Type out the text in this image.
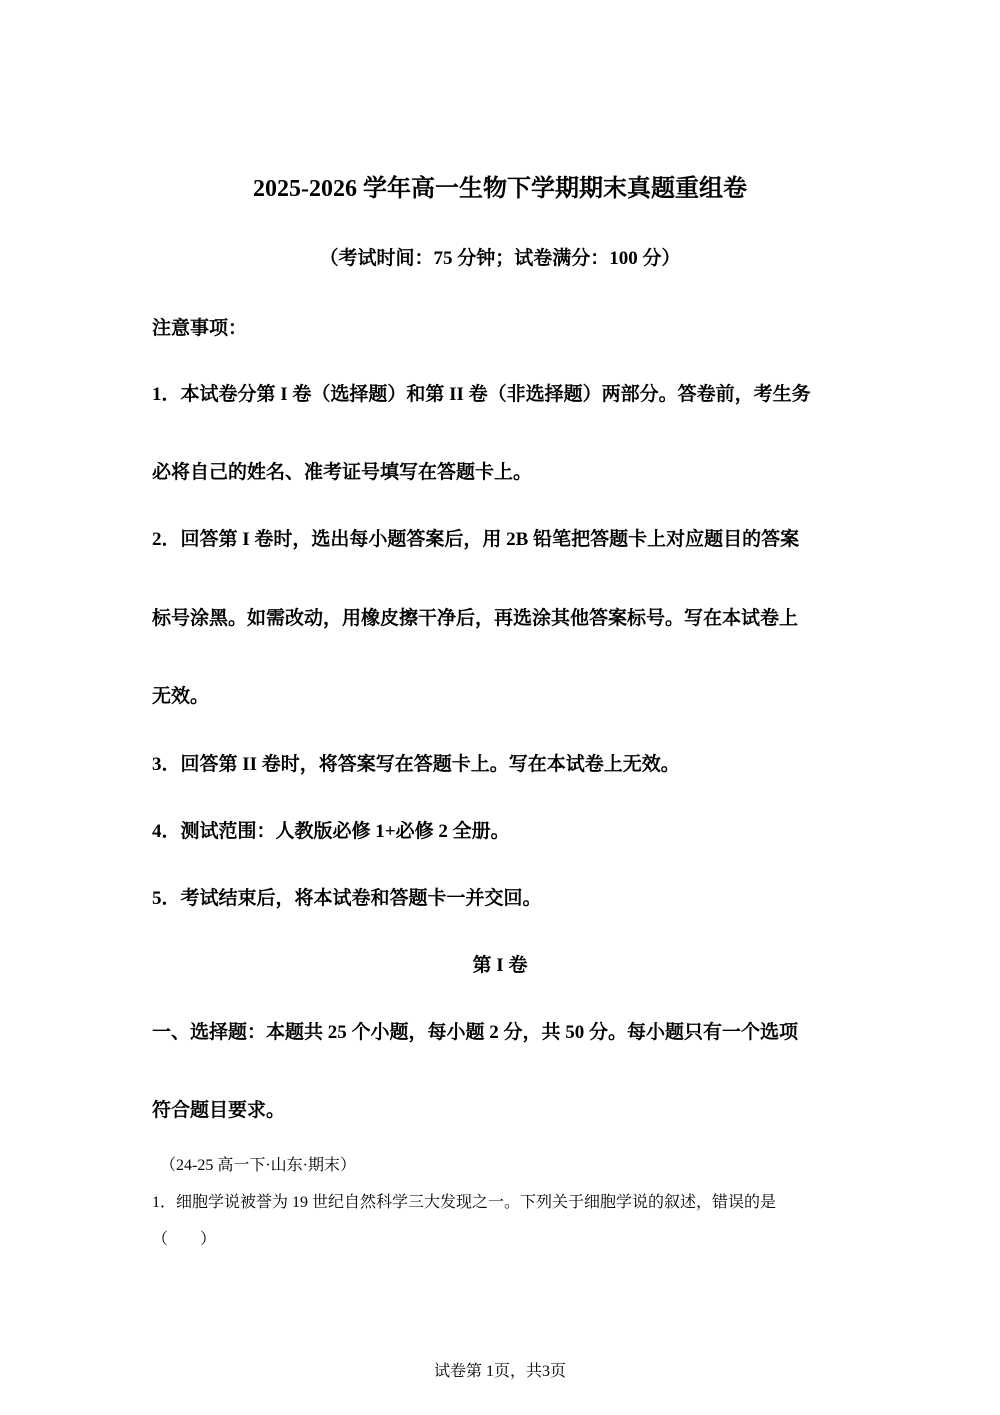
2025-2026 学年高一生物下学期期末真题重组卷
（考试时间：75 分钟；试卷满分：100 分）
注意事项：
1．本试卷分第 I 卷（选择题）和第 II 卷（非选择题）两部分。答卷前，考生务
必将自己的姓名、准考证号填写在答题卡上。
2．回答第 I 卷时，选出每小题答案后，用 2B 铅笔把答题卡上对应题目的答案
标号涂黑。如需改动，用橡皮擦干净后，再选涂其他答案标号。写在本试卷上
无效。
3．回答第 II 卷时，将答案写在答题卡上。写在本试卷上无效。
4．测试范围：人教版必修 1+必修 2 全册。
5．考试结束后，将本试卷和答题卡一并交回。
第 I 卷
一、选择题：本题共 25 个小题，每小题 2 分，共 50 分。每小题只有一个选项
符合题目要求。
（24-25 高一下·山东·期末）
1．细胞学说被誉为 19 世纪自然科学三大发现之一。下列关于细胞学说的叙述，错误的是
（　　）
试卷第 1页，共3页
